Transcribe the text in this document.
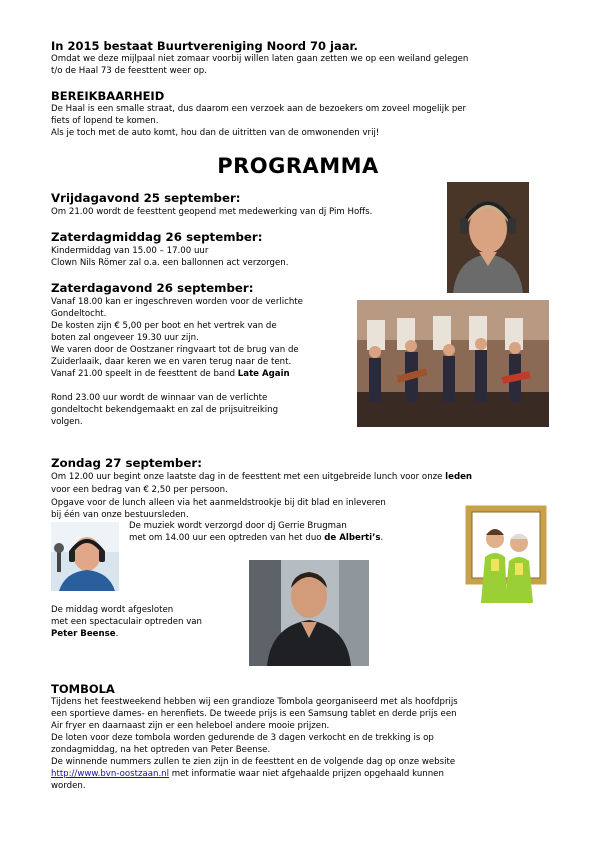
In 2015 bestaat Buurtvereniging Noord 70 jaar.
Omdat we deze mijlpaal niet zomaar voorbij willen laten gaan zetten we op een weiland gelegen
t/o de Haal 73 de feesttent weer op.
BEREIKBAARHEID
De Haal is een smalle straat, dus daarom een verzoek aan de bezoekers om zoveel mogelijk per
fiets of lopend te komen.
Als je toch met de auto komt, hou dan de uitritten van de omwonenden vrij!
PROGRAMMA
Vrijdagavond 25 september:
Om 21.00 wordt de feesttent geopend met medewerking van dj Pim Hoffs.
Zaterdagmiddag 26 september:
Kindermiddag van 15.00 – 17.00 uur
Clown Nils Römer zal o.a. een ballonnen act verzorgen.
Zaterdagavond 26 september:
Vanaf 18.00 kan er ingeschreven worden voor de verlichte
Gondeltocht.
De kosten zijn € 5,00 per boot en het vertrek van de
boten zal ongeveer 19.30 uur zijn.
We varen door de Oostzaner ringvaart tot de brug van de
Zuiderlaaik, daar keren we en varen terug naar de tent.
Vanaf 21.00 speelt in de feesttent de band Late Again
Rond 23.00 uur wordt de winnaar van de verlichte
gondeltocht bekendgemaakt en zal de prijsuitreiking
volgen.
Zondag 27 september:
Om 12.00 uur begint onze laatste dag in de feesttent met een uitgebreide lunch voor onze leden
voor een bedrag van € 2,50 per persoon.
Opgave voor de lunch alleen via het aanmeldstrookje bij dit blad en inleveren
bij één van onze bestuursleden.
De muziek wordt verzorgd door dj Gerrie Brugman
met om 14.00 uur een optreden van het duo de Alberti’s.
De middag wordt afgesloten
met een spectaculair optreden van
Peter Beense.
TOMBOLA
Tijdens het feestweekend hebben wij een grandioze Tombola georganiseerd met als hoofdprijs
een sportieve dames- en herenfiets. De tweede prijs is een Samsung tablet en derde prijs een
Air fryer en daarnaast zijn er een heleboel andere mooie prijzen.
De loten voor deze tombola worden gedurende de 3 dagen verkocht en de trekking is op
zondagmiddag, na het optreden van Peter Beense.
De winnende nummers zullen te zien zijn in de feesttent en de volgende dag op onze website
http://www.bvn-oostzaan.nl met informatie waar niet afgehaalde prijzen opgehaald kunnen
worden.
